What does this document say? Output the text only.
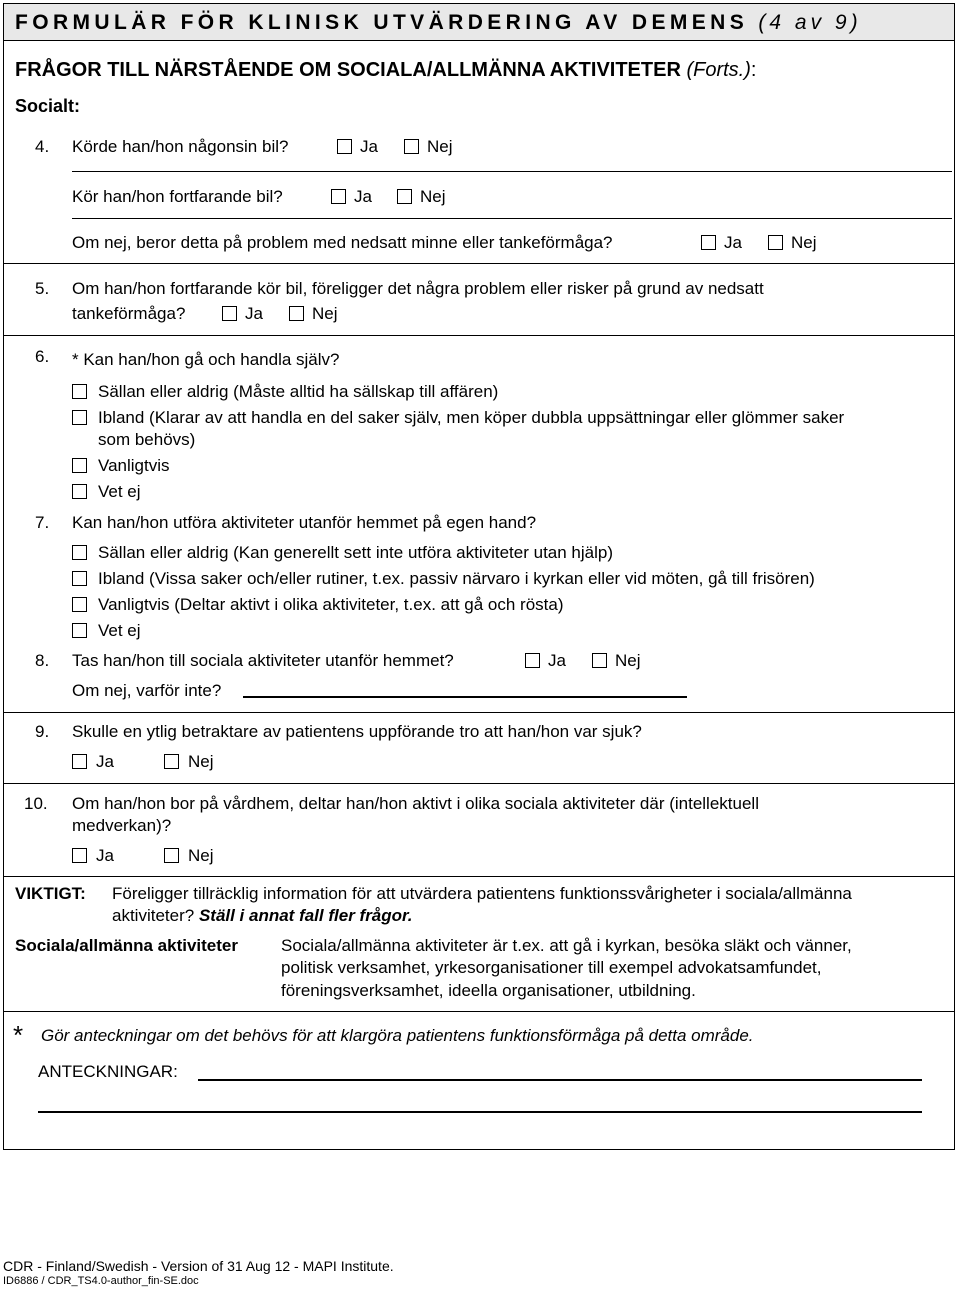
FORMULÄR FÖR KLINISK UTVÄRDERING AV DEMENS (4 av 9)
FRÅGOR TILL NÄRSTÅENDE OM SOCIALA/ALLMÄNNA AKTIVITETER (Forts.):
Socialt:
4. Körde han/hon någonsin bil?	Ja	Nej
Kör han/hon fortfarande bil?	Ja	Nej
Om nej, beror detta på problem med nedsatt minne eller tankeförmåga?	Ja	Nej
5. Om han/hon fortfarande kör bil, föreligger det några problem eller risker på grund av nedsatt
tankeförmåga?	Ja	Nej
6. * Kan han/hon gå och handla själv?
Sällan eller aldrig (Måste alltid ha sällskap till affären)
Ibland (Klarar av att handla en del saker själv, men köper dubbla uppsättningar eller glömmer saker
som behövs)
Vanligtvis
Vet ej
7. Kan han/hon utföra aktiviteter utanför hemmet på egen hand?
Sällan eller aldrig (Kan generellt sett inte utföra aktiviteter utan hjälp)
Ibland (Vissa saker och/eller rutiner, t.ex. passiv närvaro i kyrkan eller vid möten, gå till frisören)
Vanligtvis (Deltar aktivt i olika aktiviteter, t.ex. att gå och rösta)
Vet ej
8. Tas han/hon till sociala aktiviteter utanför hemmet?	Ja	Nej
Om nej, varför inte?
9. Skulle en ytlig betraktare av patientens uppförande tro att han/hon var sjuk?
Ja	Nej
10. Om han/hon bor på vårdhem, deltar han/hon aktivt i olika sociala aktiviteter där (intellektuell
medverkan)?
Ja	Nej
VIKTIGT: Föreligger tillräcklig information för att utvärdera patientens funktionssvårigheter i sociala/allmänna
aktiviteter? Ställ i annat fall fler frågor.
Sociala/allmänna aktiviteter	Sociala/allmänna aktiviteter är t.ex. att gå i kyrkan, besöka släkt och vänner,
politisk verksamhet, yrkesorganisationer till exempel advokatsamfundet,
föreningsverksamhet, ideella organisationer, utbildning.
* Gör anteckningar om det behövs för att klargöra patientens funktionsförmåga på detta område.
ANTECKNINGAR:
CDR - Finland/Swedish - Version of 31 Aug 12 - MAPI Institute.
ID6886 / CDR_TS4.0-author_fin-SE.doc
